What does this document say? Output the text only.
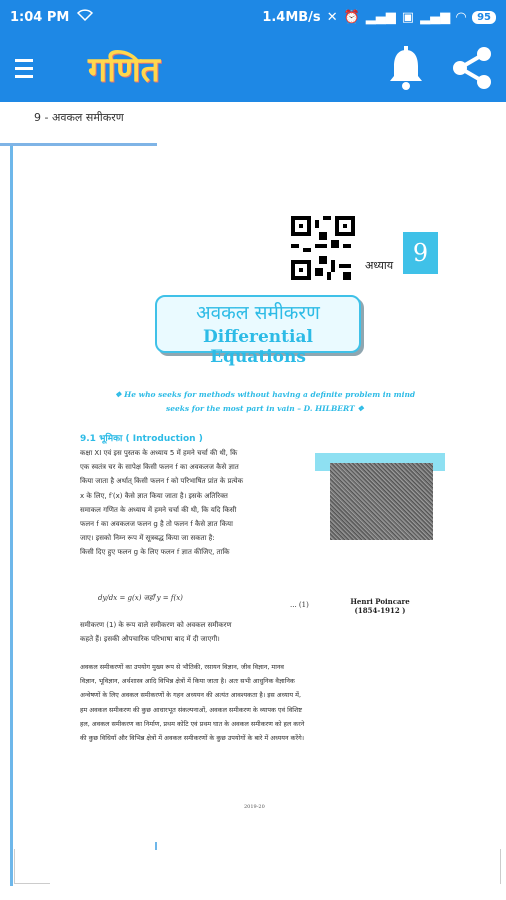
1:04 PM	1.4MB/s ✕ ⏰ ▂▄▆ ▣ ▂▄▆ ◠	95
गणित
9 - अवकल समीकरण
अध्याय 9
अवकल समीकरण
Differential Equations
❖ He who seeks for methods without having a definite problem in mind
seeks for the most part in vain – D. HILBERT ❖
9.1 भूमिका ( Introduction )
कक्षा XI एवं इस पुस्तक के अध्याय 5 में हमने चर्चा की थी, कि
एक स्वतंत्र चर के सापेक्ष किसी फलन f का अवकलज कैसे ज्ञात
किया जाता है अर्थात् किसी फलन f को परिभाषित प्रांत के प्रत्येक
x के लिए, f′(x) कैसे ज्ञात किया जाता है। इसके अतिरिक्त
समाकल गणित के अध्याय में हमने चर्चा की थी, कि यदि किसी
फलन f का अवकलज फलन g है तो फलन f कैसे ज्ञात किया
जाए। इसको निम्न रूप में सूत्रबद्ध किया जा सकता है:
किसी दिए हुए फलन g के लिए फलन f ज्ञात कीजिए, ताकि
Henri Poincare
(1854-1912 )
dy/dx = g(x) जहाँ y = f(x)
... (1)
समीकरण (1) के रूप वाले समीकरण को अवकल समीकरण
कहते हैं। इसकी औपचारिक परिभाषा बाद में दी जाएगी।
अवकल समीकरणों का उपयोग मुख्य रूप से भौतिकी, रसायन विज्ञान, जीव विज्ञान, मानव
विज्ञान, भूविज्ञान, अर्थशास्त्र आदि विभिन्न क्षेत्रों में किया जाता है। अतः सभी आधुनिक वैज्ञानिक
अन्वेषणों के लिए अवकल समीकरणों के गहन अध्ययन की अत्यंत आवश्यकता है। इस अध्याय में,
हम अवकल समीकरण की कुछ आधारभूत संकल्पनाओं, अवकल समीकरण के व्यापक एवं विशिष्ट
हल, अवकल समीकरण का निर्माण, प्रथम कोटि एवं प्रथम घात के अवकल समीकरण को हल करने
की कुछ विधियाँ और विभिन्न क्षेत्रों में अवकल समीकरणों के कुछ उपयोगों के बारे में अध्ययन करेंगे।
2019-20
